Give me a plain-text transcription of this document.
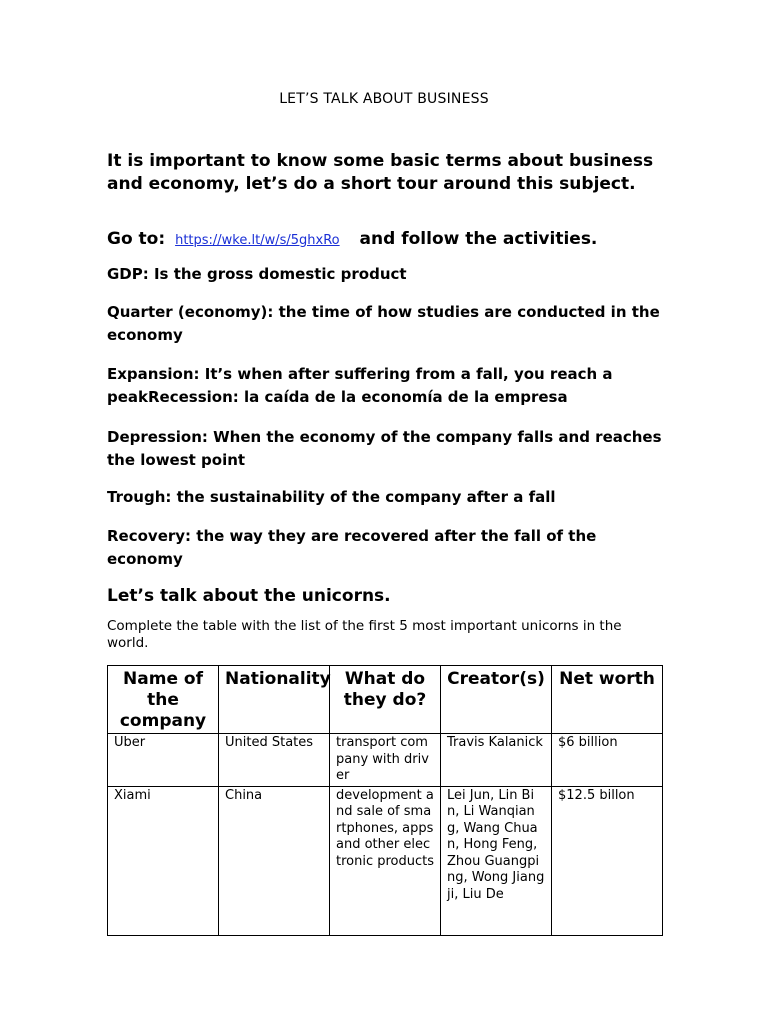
LET’S TALK ABOUT BUSINESS
It is important to know some basic terms about business and economy, let’s do a short tour around this subject.
Go to: https://wke.lt/w/s/5ghxRo and follow the activities.
GDP: Is the gross domestic product
Quarter (economy): the time of how studies are conducted in the economy
Expansion: It’s when after suffering from a fall, you reach a peakRecession: la caída de la economía de la empresa
Depression: When the economy of the company falls and reaches the lowest point
Trough: the sustainability of the company after a fall
Recovery: the way they are recovered after the fall of the economy
Let’s talk about the unicorns.
Complete the table with the list of the first 5 most important unicorns in the world.
Name of the company	Nationality	What do they do?	Creator(s)	Net worth
Uber	United States	transport company with driver	Travis Kalanick	$6 billion
Xiami	China	development and sale of smartphones, apps and other electronic products	Lei Jun, Lin Bin, Li Wanqiang, Wang Chuan, Hong Feng, Zhou Guangping, Wong Jiangji, Liu De	$12.5 billon
